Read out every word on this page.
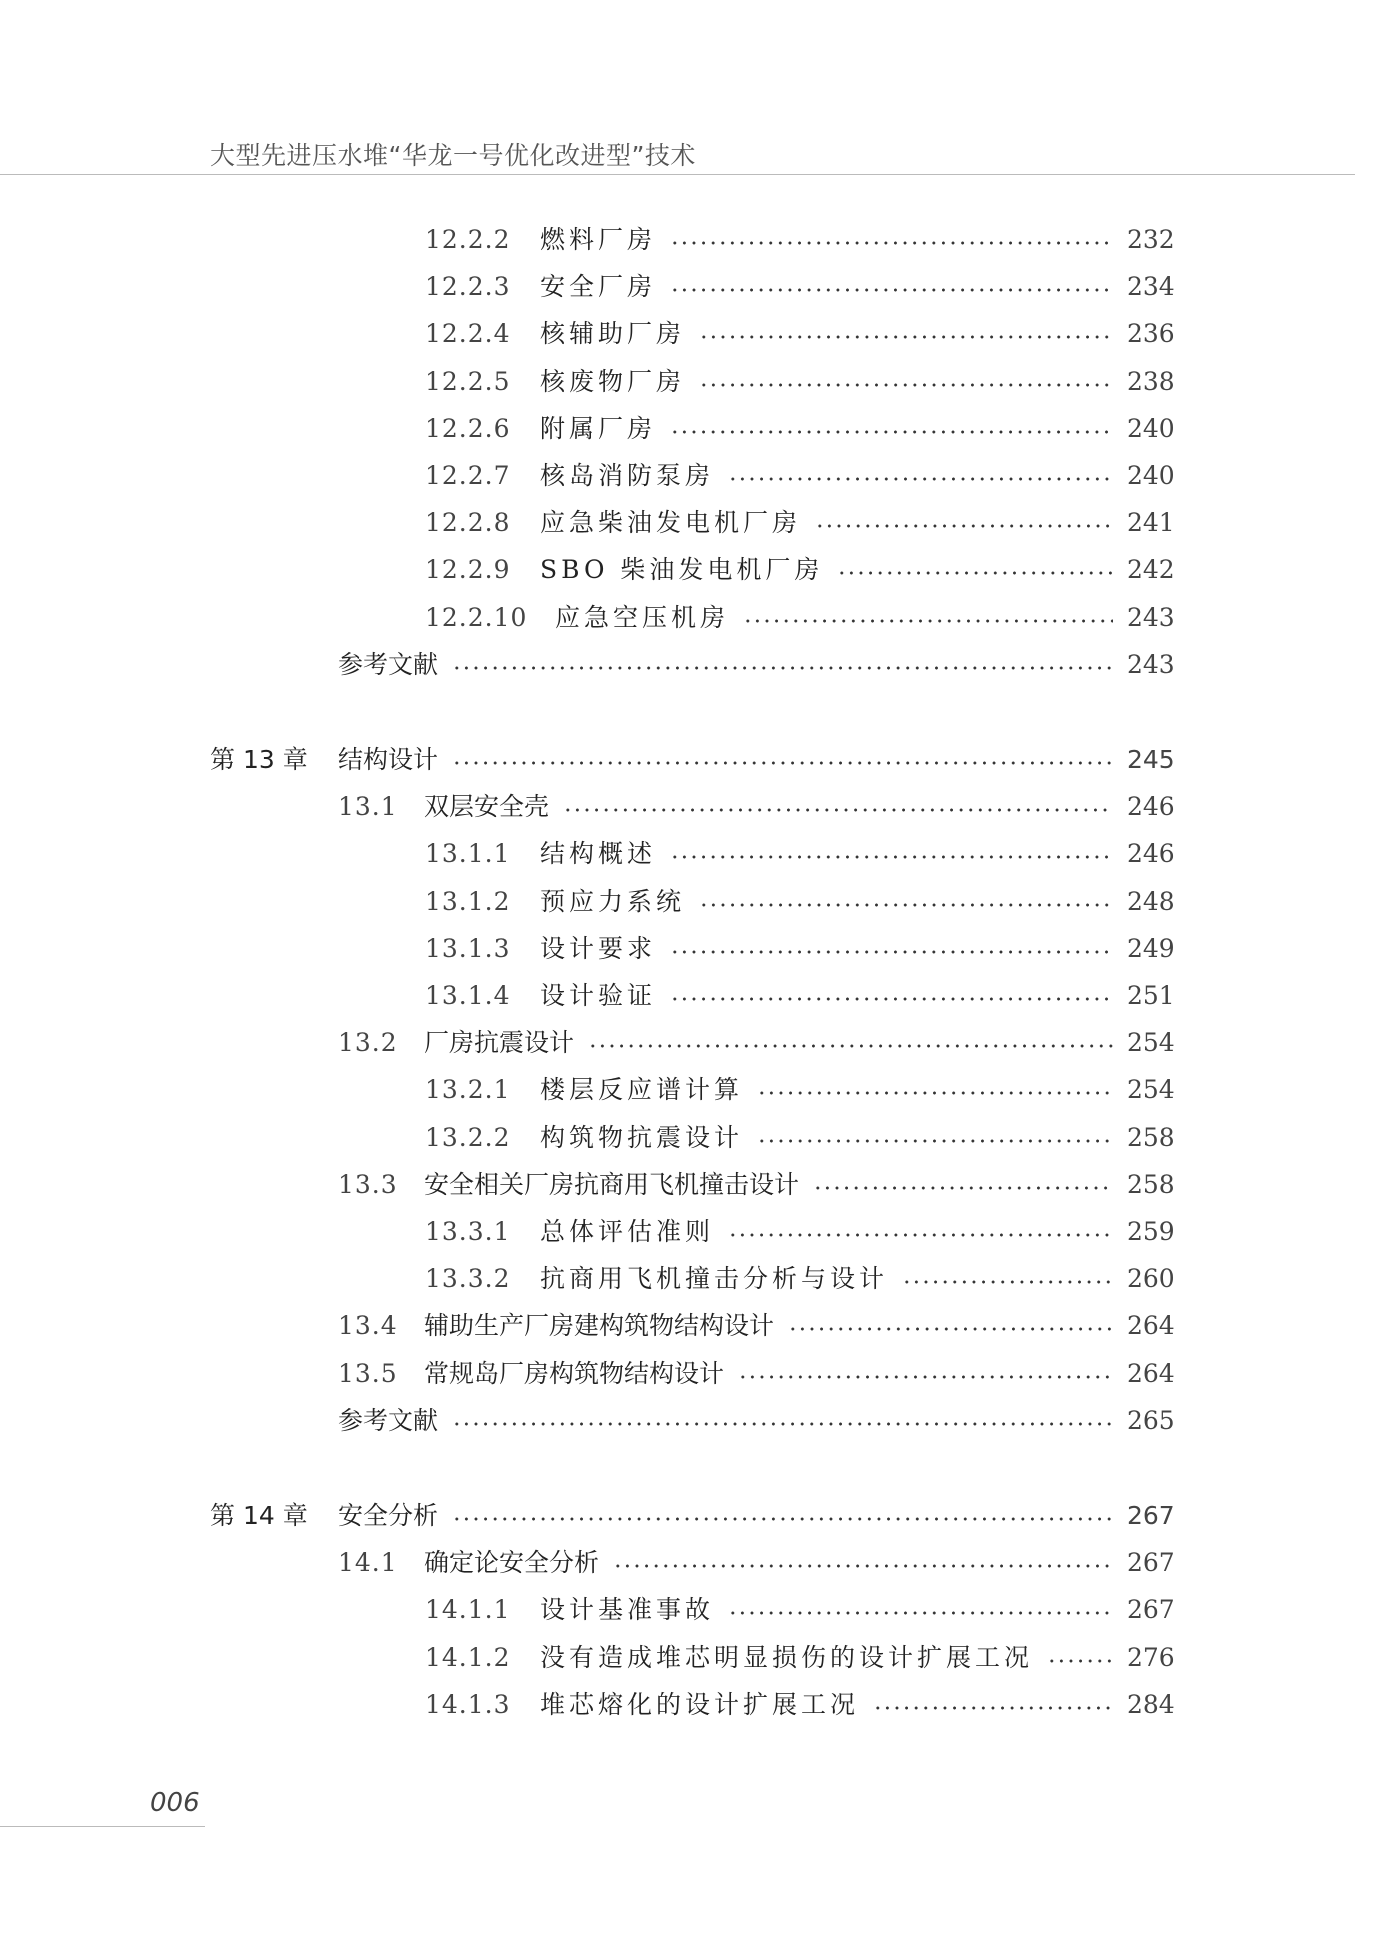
大型先进压水堆“华龙一号优化改进型”技术
12.2.2	燃料厂房	232
12.2.3	安全厂房	234
12.2.4	核辅助厂房	236
12.2.5	核废物厂房	238
12.2.6	附属厂房	240
12.2.7	核岛消防泵房	240
12.2.8	应急柴油发电机厂房	241
12.2.9	SBO 柴油发电机厂房	242
12.2.10	应急空压机房	243
参考文献	243
第 13 章	结构设计	245
13.1	双层安全壳	246
13.1.1	结构概述	246
13.1.2	预应力系统	248
13.1.3	设计要求	249
13.1.4	设计验证	251
13.2	厂房抗震设计	254
13.2.1	楼层反应谱计算	254
13.2.2	构筑物抗震设计	258
13.3	安全相关厂房抗商用飞机撞击设计	258
13.3.1	总体评估准则	259
13.3.2	抗商用飞机撞击分析与设计	260
13.4	辅助生产厂房建构筑物结构设计	264
13.5	常规岛厂房构筑物结构设计	264
参考文献	265
第 14 章	安全分析	267
14.1	确定论安全分析	267
14.1.1	设计基准事故	267
14.1.2	没有造成堆芯明显损伤的设计扩展工况	276
14.1.3	堆芯熔化的设计扩展工况	284
006
